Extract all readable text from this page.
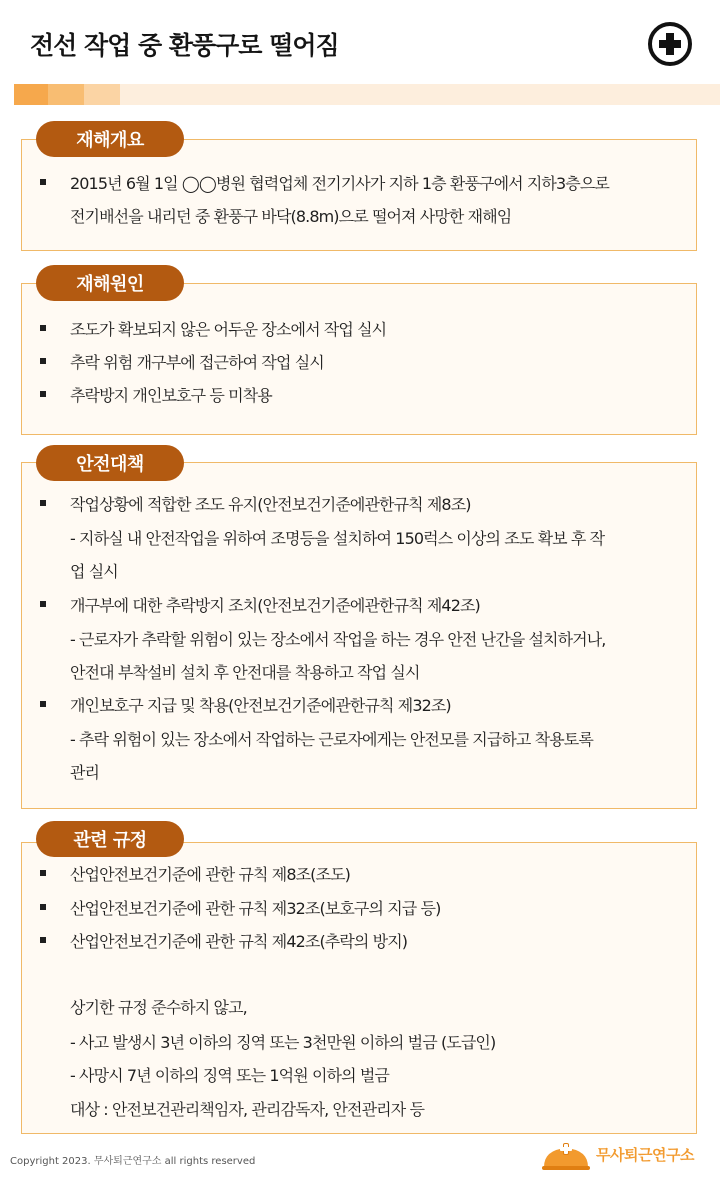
전선 작업 중 환풍구로 떨어짐
재해개요
2015년 6월 1일 ◯◯병원 협력업체 전기기사가 지하 1층 환풍구에서 지하3층으로
전기배선을 내리던 중 환풍구 바닥(8.8m)으로 떨어져 사망한 재해임
재해원인
조도가 확보되지 않은 어두운 장소에서 작업 실시
추락 위험 개구부에 접근하여 작업 실시
추락방지 개인보호구 등 미착용
안전대책
작업상황에 적합한 조도 유지(안전보건기준에관한규칙 제8조)
- 지하실 내 안전작업을 위하여 조명등을 설치하여 150럭스 이상의 조도 확보 후 작
업 실시
개구부에 대한 추락방지 조치(안전보건기준에관한규칙 제42조)
- 근로자가 추락할 위험이 있는 장소에서 작업을 하는 경우 안전 난간을 설치하거나,
안전대 부착설비 설치 후 안전대를 착용하고 작업 실시
개인보호구 지급 및 착용(안전보건기준에관한규칙 제32조)
- 추락 위험이 있는 장소에서 작업하는 근로자에게는 안전모를 지급하고 착용토록
관리
관련 규정
산업안전보건기준에 관한 규칙 제8조(조도)
산업안전보건기준에 관한 규칙 제32조(보호구의 지급 등)
산업안전보건기준에 관한 규칙 제42조(추락의 방지)
상기한 규정 준수하지 않고,
- 사고 발생시 3년 이하의 징역 또는 3천만원 이하의 벌금 (도급인)
- 사망시 7년 이하의 징역 또는 1억원 이하의 벌금
대상 : 안전보건관리책임자, 관리감독자, 안전관리자 등
Copyright 2023. 무사퇴근연구소 all rights reserved	무사퇴근연구소
